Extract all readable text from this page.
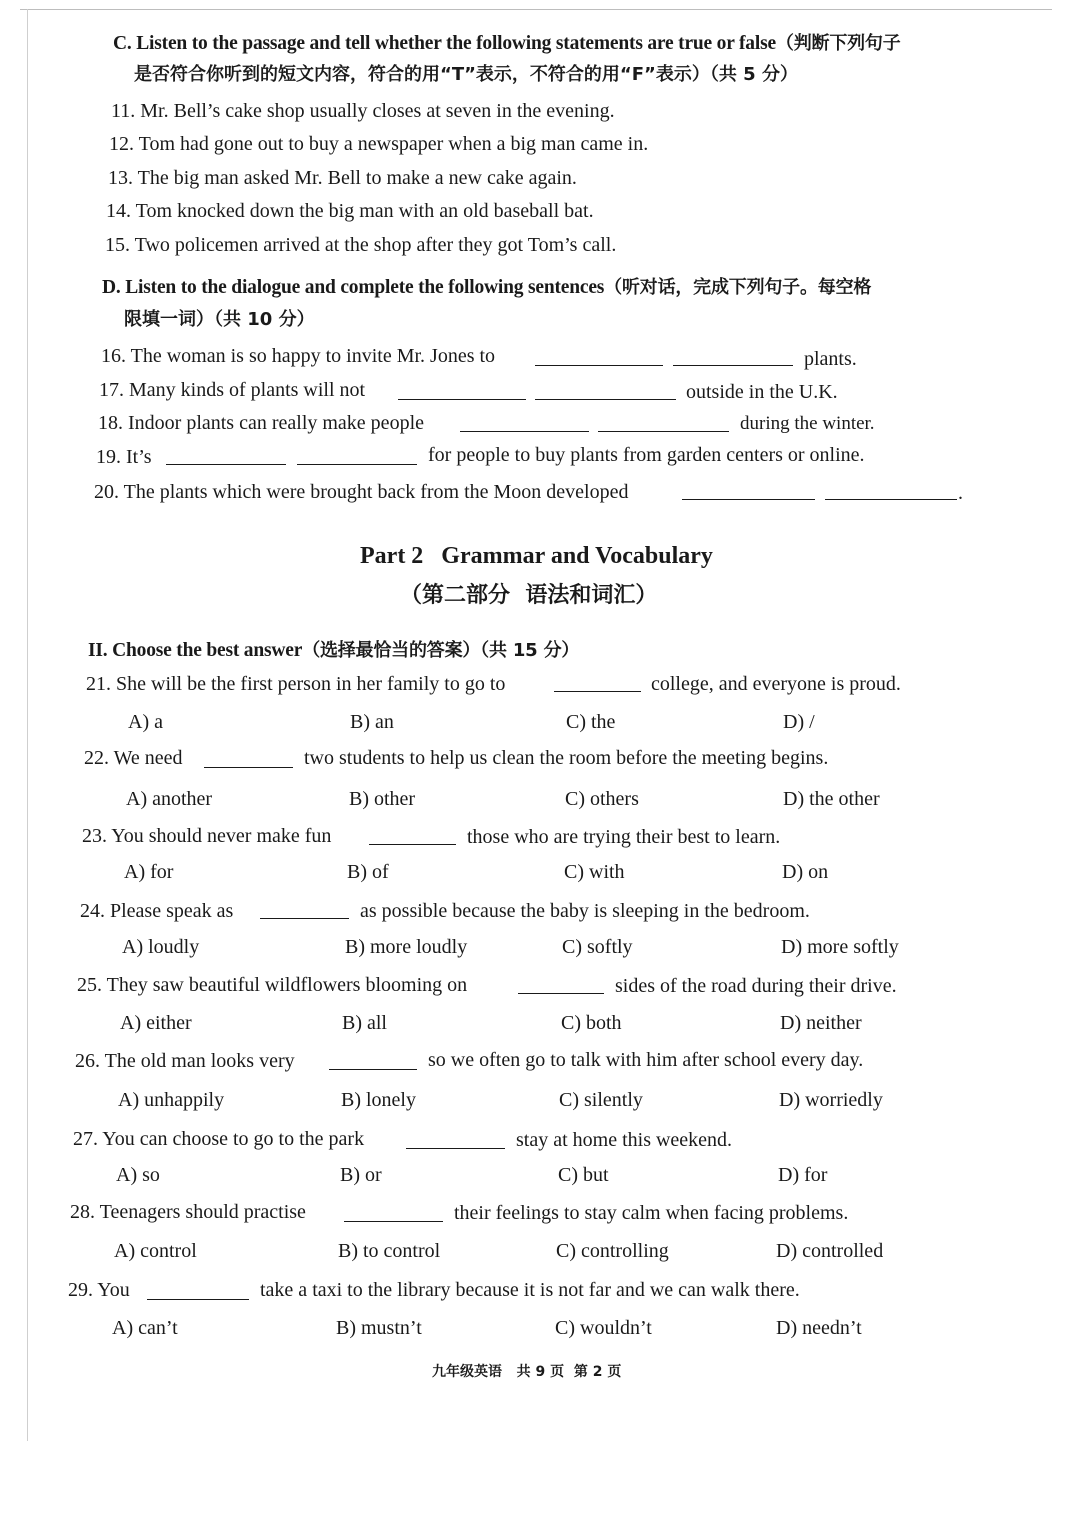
C. Listen to the passage and tell whether the following statements are true or false（判断下列句子
是否符合你听到的短文内容，符合的用“T”表示，不符合的用“F”表示）（共 5 分）
11. Mr. Bell’s cake shop usually closes at seven in the evening.
12. Tom had gone out to buy a newspaper when a big man came in.
13. The big man asked Mr. Bell to make a new cake again.
14. Tom knocked down the big man with an old baseball bat.
15. Two policemen arrived at the shop after they got Tom’s call.
D. Listen to the dialogue and complete the following sentences（听对话，完成下列句子。每空格
限填一词）（共 10 分）
16. The woman is so happy to invite Mr. Jones to	plants.
17. Many kinds of plants will not	outside in the U.K.
18. Indoor plants can really make people	during the winter.
19. It’s	for people to buy plants from garden centers or online.
20. The plants which were brought back from the Moon developed	.
Part 2   Grammar and Vocabulary
（第二部分  语法和词汇）
II. Choose the best answer（选择最恰当的答案）（共 15 分）
21. She will be the first person in her family to go to	college, and everyone is proud.
A) a	B) an	C) the	D) /
22. We need	two students to help us clean the room before the meeting begins.
A) another	B) other	C) others	D) the other
23. You should never make fun	those who are trying their best to learn.
A) for	B) of	C) with	D) on
24. Please speak as	as possible because the baby is sleeping in the bedroom.
A) loudly	B) more loudly	C) softly	D) more softly
25. They saw beautiful wildflowers blooming on	sides of the road during their drive.
A) either	B) all	C) both	D) neither
26. The old man looks very	so we often go to talk with him after school every day.
A) unhappily	B) lonely	C) silently	D) worriedly
27. You can choose to go to the park	stay at home this weekend.
A) so	B) or	C) but	D) for
28. Teenagers should practise	their feelings to stay calm when facing problems.
A) control	B) to control	C) controlling	D) controlled
29. You	take a taxi to the library because it is not far and we can walk there.
A) can’t	B) mustn’t	C) wouldn’t	D) needn’t
九年级英语   共 9 页  第 2 页
